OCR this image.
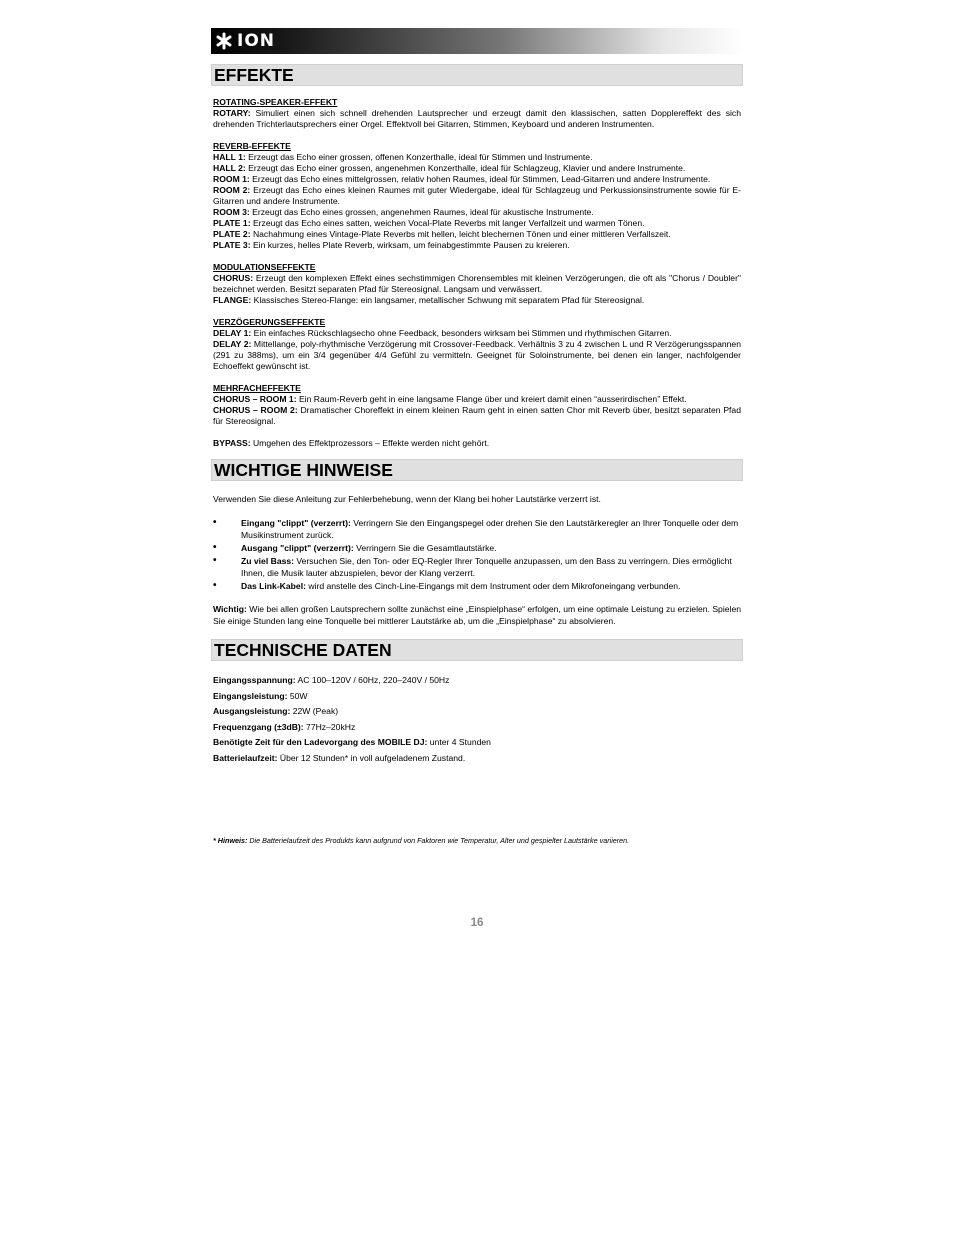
ION
EFFEKTE
ROTATING-SPEAKER-EFFEKT
ROTARY: Simuliert einen sich schnell drehenden Lautsprecher und erzeugt damit den klassischen, satten Dopplereffekt des sich drehenden Trichterlautsprechers einer Orgel. Effektvoll bei Gitarren, Stimmen, Keyboard und anderen Instrumenten.
REVERB-EFFEKTE
HALL 1: Erzeugt das Echo einer grossen, offenen Konzerthalle, ideal für Stimmen und Instrumente.
HALL 2: Erzeugt das Echo einer grossen, angenehmen Konzerthalle, ideal für Schlagzeug, Klavier und andere Instrumente.
ROOM 1: Erzeugt das Echo eines mittelgrossen, relativ hohen Raumes, ideal für Stimmen, Lead-Gitarren und andere Instrumente.
ROOM 2: Erzeugt das Echo eines kleinen Raumes mit guter Wiedergabe, ideal für Schlagzeug und Perkussionsinstrumente sowie für E-Gitarren und andere Instrumente.
ROOM 3: Erzeugt das Echo eines grossen, angenehmen Raumes, ideal für akustische Instrumente.
PLATE 1: Erzeugt das Echo eines satten, weichen Vocal-Plate Reverbs mit langer Verfallzeit und warmen Tönen.
PLATE 2: Nachahmung eines Vintage-Plate Reverbs mit hellen, leicht blechernen Tönen und einer mittleren Verfallszeit.
PLATE 3: Ein kurzes, helles Plate Reverb, wirksam, um feinabgestimmte Pausen zu kreieren.
MODULATIONSEFFEKTE
CHORUS: Erzeugt den komplexen Effekt eines sechstimmigen Chorensembles mit kleinen Verzögerungen, die oft als "Chorus / Doubler" bezeichnet werden. Besitzt separaten Pfad für Stereosignal. Langsam und verwässert.
FLANGE: Klassisches Stereo-Flange: ein langsamer, metallischer Schwung mit separatem Pfad für Stereosignal.
VERZÖGERUNGSEFFEKTE
DELAY 1: Ein einfaches Rückschlagsecho ohne Feedback, besonders wirksam bei Stimmen und rhythmischen Gitarren.
DELAY 2: Mittellange, poly-rhythmische Verzögerung mit Crossover-Feedback. Verhältnis 3 zu 4 zwischen L und R Verzögerungsspannen (291 zu 388ms), um ein 3/4 gegenüber 4/4 Gefühl zu vermitteln. Geeignet für Soloinstrumente, bei denen ein langer, nachfolgender Echoeffekt gewünscht ist.
MEHRFACHEFFEKTE
CHORUS – ROOM 1: Ein Raum-Reverb geht in eine langsame Flange über und kreiert damit einen “ausserirdischen” Effekt.
CHORUS – ROOM 2: Dramatischer Choreffekt in einem kleinen Raum geht in einen satten Chor mit Reverb über, besitzt separaten Pfad für Stereosignal.
BYPASS: Umgehen des Effektprozessors – Effekte werden nicht gehört.
WICHTIGE HINWEISE
Verwenden Sie diese Anleitung zur Fehlerbehebung, wenn der Klang bei hoher Lautstärke verzerrt ist.
•	Eingang "clippt" (verzerrt): Verringern Sie den Eingangspegel oder drehen Sie den Lautstärkeregler an Ihrer Tonquelle oder dem Musikinstrument zurück.
•	Ausgang "clippt" (verzerrt): Verringern Sie die Gesamtlautstärke.
•	Zu viel Bass: Versuchen Sie, den Ton- oder EQ-Regler Ihrer Tonquelle anzupassen, um den Bass zu verringern. Dies ermöglicht Ihnen, die Musik lauter abzuspielen, bevor der Klang verzerrt.
•	Das Link-Kabel: wird anstelle des Cinch-Line-Eingangs mit dem Instrument oder dem Mikrofoneingang verbunden.
Wichtig: Wie bei allen großen Lautsprechern sollte zunächst eine „Einspielphase“ erfolgen, um eine optimale Leistung zu erzielen. Spielen Sie einige Stunden lang eine Tonquelle bei mittlerer Lautstärke ab, um die „Einspielphase“ zu absolvieren.
TECHNISCHE DATEN
Eingangsspannung: AC 100–120V / 60Hz, 220–240V / 50Hz
Eingangsleistung: 50W
Ausgangsleistung: 22W (Peak)
Frequenzgang (±3dB): 77Hz–20kHz
Benötigte Zeit für den Ladevorgang des MOBILE DJ: unter 4 Stunden
Batterielaufzeit: Über 12 Stunden* in voll aufgeladenem Zustand.
* Hinweis: Die Batterielaufzeit des Produkts kann aufgrund von Faktoren wie Temperatur, Alter und gespielter Lautstärke variieren.
16
